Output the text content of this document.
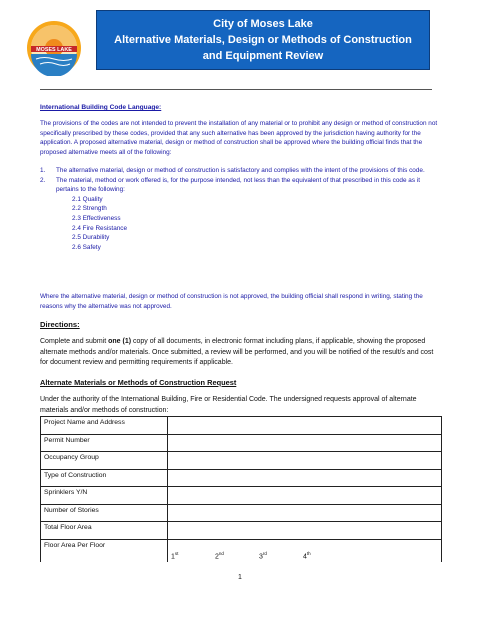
MOSES LAKE
City of Moses Lake
Alternative Materials, Design or Methods of Construction
and Equipment Review
International Building Code Language:

The provisions of the codes are not intended to prevent the installation of any material or to prohibit any design or method of construction not specifically prescribed by these codes, provided that any such alternative has been approved by the jurisdiction having authority for the application. A proposed alternative material, design or method of construction shall be approved where the building official finds that the proposed alternative meets all of the following:

1. The alternative material, design or method of construction is satisfactory and complies with the intent of the provisions of this code.
2. The material, method or work offered is, for the purpose intended, not less than the equivalent of that prescribed in this code as it pertains to the following:
2.1 Quality
2.2 Strength
2.3 Effectiveness
2.4 Fire Resistance
2.5 Durability
2.6 Safety

Where the alternative material, design or method of construction is not approved, the building official shall respond in writing, stating the reasons why the alternative was not approved.

Directions:

Complete and submit one (1) copy of all documents, in electronic format including plans, if applicable, showing the proposed alternate methods and/or materials. Once submitted, a review will be performed, and you will be notified of the result/s and cost for document review and permitting requirements if applicable.

Alternate Materials or Methods of Construction Request

Under the authority of the International Building, Fire or Residential Code. The undersigned requests approval of alternate materials and/or methods of construction:

Project Name and Address	
Permit Number	
Occupancy Group	
Type of Construction	
Sprinklers Y/N	
Number of Stories	
Total Floor Area	
Floor Area Per Floor	1st 2nd 3rd 4th
1
